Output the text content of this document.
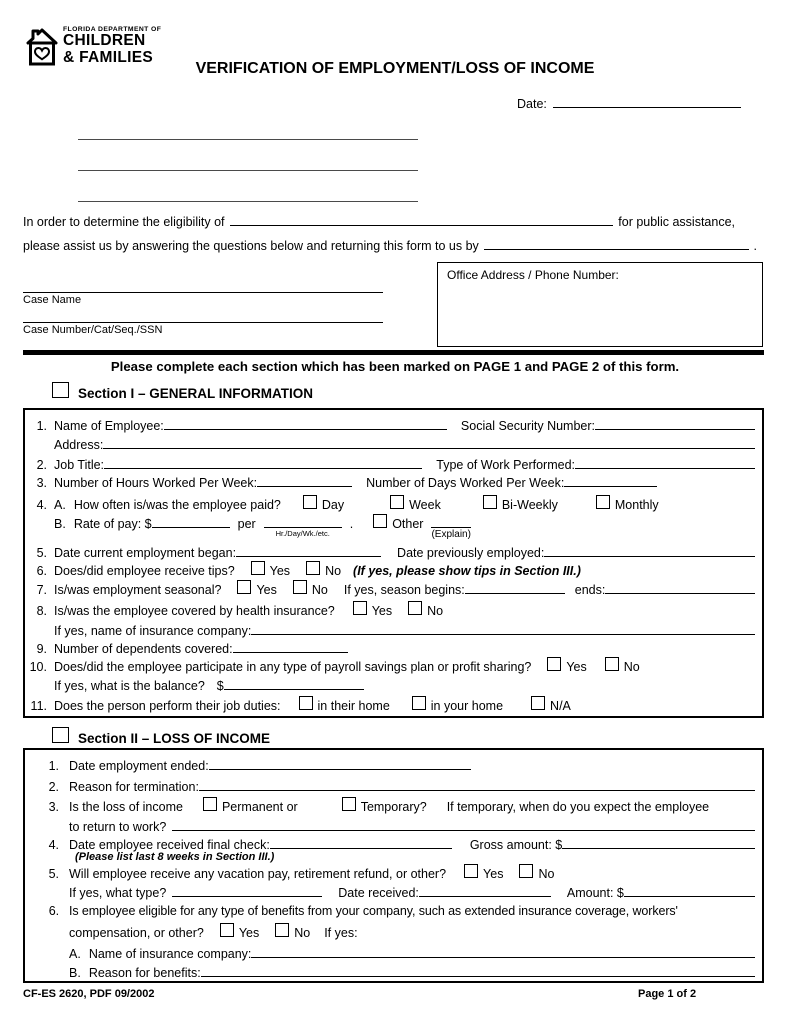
FLORIDA DEPARTMENT OF
CHILDREN
& FAMILIES
VERIFICATION OF EMPLOYMENT/LOSS OF INCOME
Date:
In order to determine the eligibility of	for public assistance,
please assist us by answering the questions below and returning this form to us by	.
Office Address / Phone Number:
Case Name
Case Number/Cat/Seq./SSN
Please complete each section which has been marked on PAGE 1 and PAGE 2 of this form.
Section I – GENERAL INFORMATION
1. Name of Employee:	Social Security Number:
Address:
2. Job Title:	Type of Work Performed:
3. Number of Hours Worked Per Week:	Number of Days Worked Per Week:
4. A. How often is/was the employee paid?	Day	Week	Bi-Weekly	Monthly
B. Rate of pay: $	per
Hr./Day/Wk./etc.
.	Other
(Explain)
5. Date current employment began:	Date previously employed:
6. Does/did employee receive tips?	Yes	No (If yes, please show tips in Section III.)
7. Is/was employment seasonal?	Yes	No If yes, season begins:	ends:
8. Is/was the employee covered by health insurance?	Yes	No
If yes, name of insurance company:
9. Number of dependents covered:
10. Does/did the employee participate in any type of payroll savings plan or profit sharing?	Yes	No
If yes, what is the balance? $
11. Does the person perform their job duties:	in their home	in your home	N/A
Section II – LOSS OF INCOME
1. Date employment ended:
2. Reason for termination:
3. Is the loss of income	Permanent or	Temporary? If temporary, when do you expect the employee
to return to work?
4. Date employee received final check:	Gross amount: $
(Please list last 8 weeks in Section III.)
5. Will employee receive any vacation pay, retirement refund, or other?	Yes	No
If yes, what type?	Date received:	Amount: $
6. Is employee eligible for any type of benefits from your company, such as extended insurance coverage, workers'
compensation, or other?	Yes	No If yes:
A. Name of insurance company:
B. Reason for benefits:
CF-ES 2620, PDF 09/2002	Page 1 of 2
